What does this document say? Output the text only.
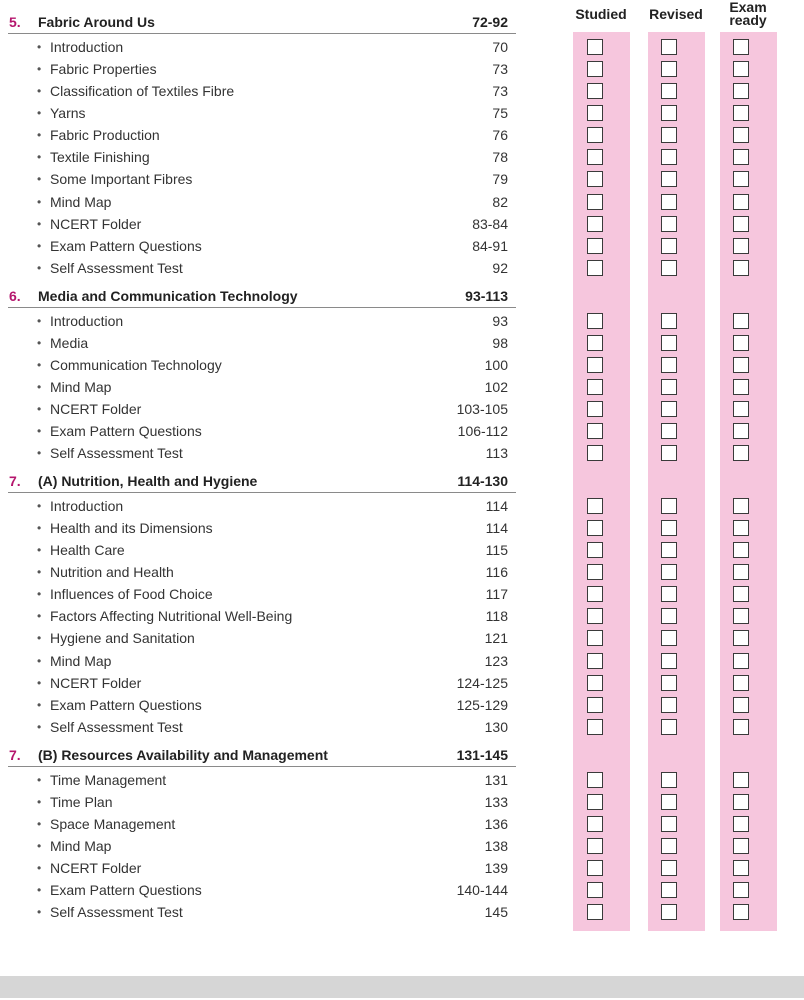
Studied	Revised	Exam
ready
5. Fabric Around Us	72-92
• Introduction	70
• Fabric Properties	73
• Classification of Textiles Fibre	73
• Yarns	75
• Fabric Production	76
• Textile Finishing	78
• Some Important Fibres	79
• Mind Map	82
• NCERT Folder	83-84
• Exam Pattern Questions	84-91
• Self Assessment Test	92
6. Media and Communication Technology	93-113
• Introduction	93
• Media	98
• Communication Technology	100
• Mind Map	102
• NCERT Folder	103-105
• Exam Pattern Questions	106-112
• Self Assessment Test	113
7. (A) Nutrition, Health and Hygiene	114-130
• Introduction	114
• Health and its Dimensions	114
• Health Care	115
• Nutrition and Health	116
• Influences of Food Choice	117
• Factors Affecting Nutritional Well-Being	118
• Hygiene and Sanitation	121
• Mind Map	123
• NCERT Folder	124-125
• Exam Pattern Questions	125-129
• Self Assessment Test	130
7. (B) Resources Availability and Management	131-145
• Time Management	131
• Time Plan	133
• Space Management	136
• Mind Map	138
• NCERT Folder	139
• Exam Pattern Questions	140-144
• Self Assessment Test	145
